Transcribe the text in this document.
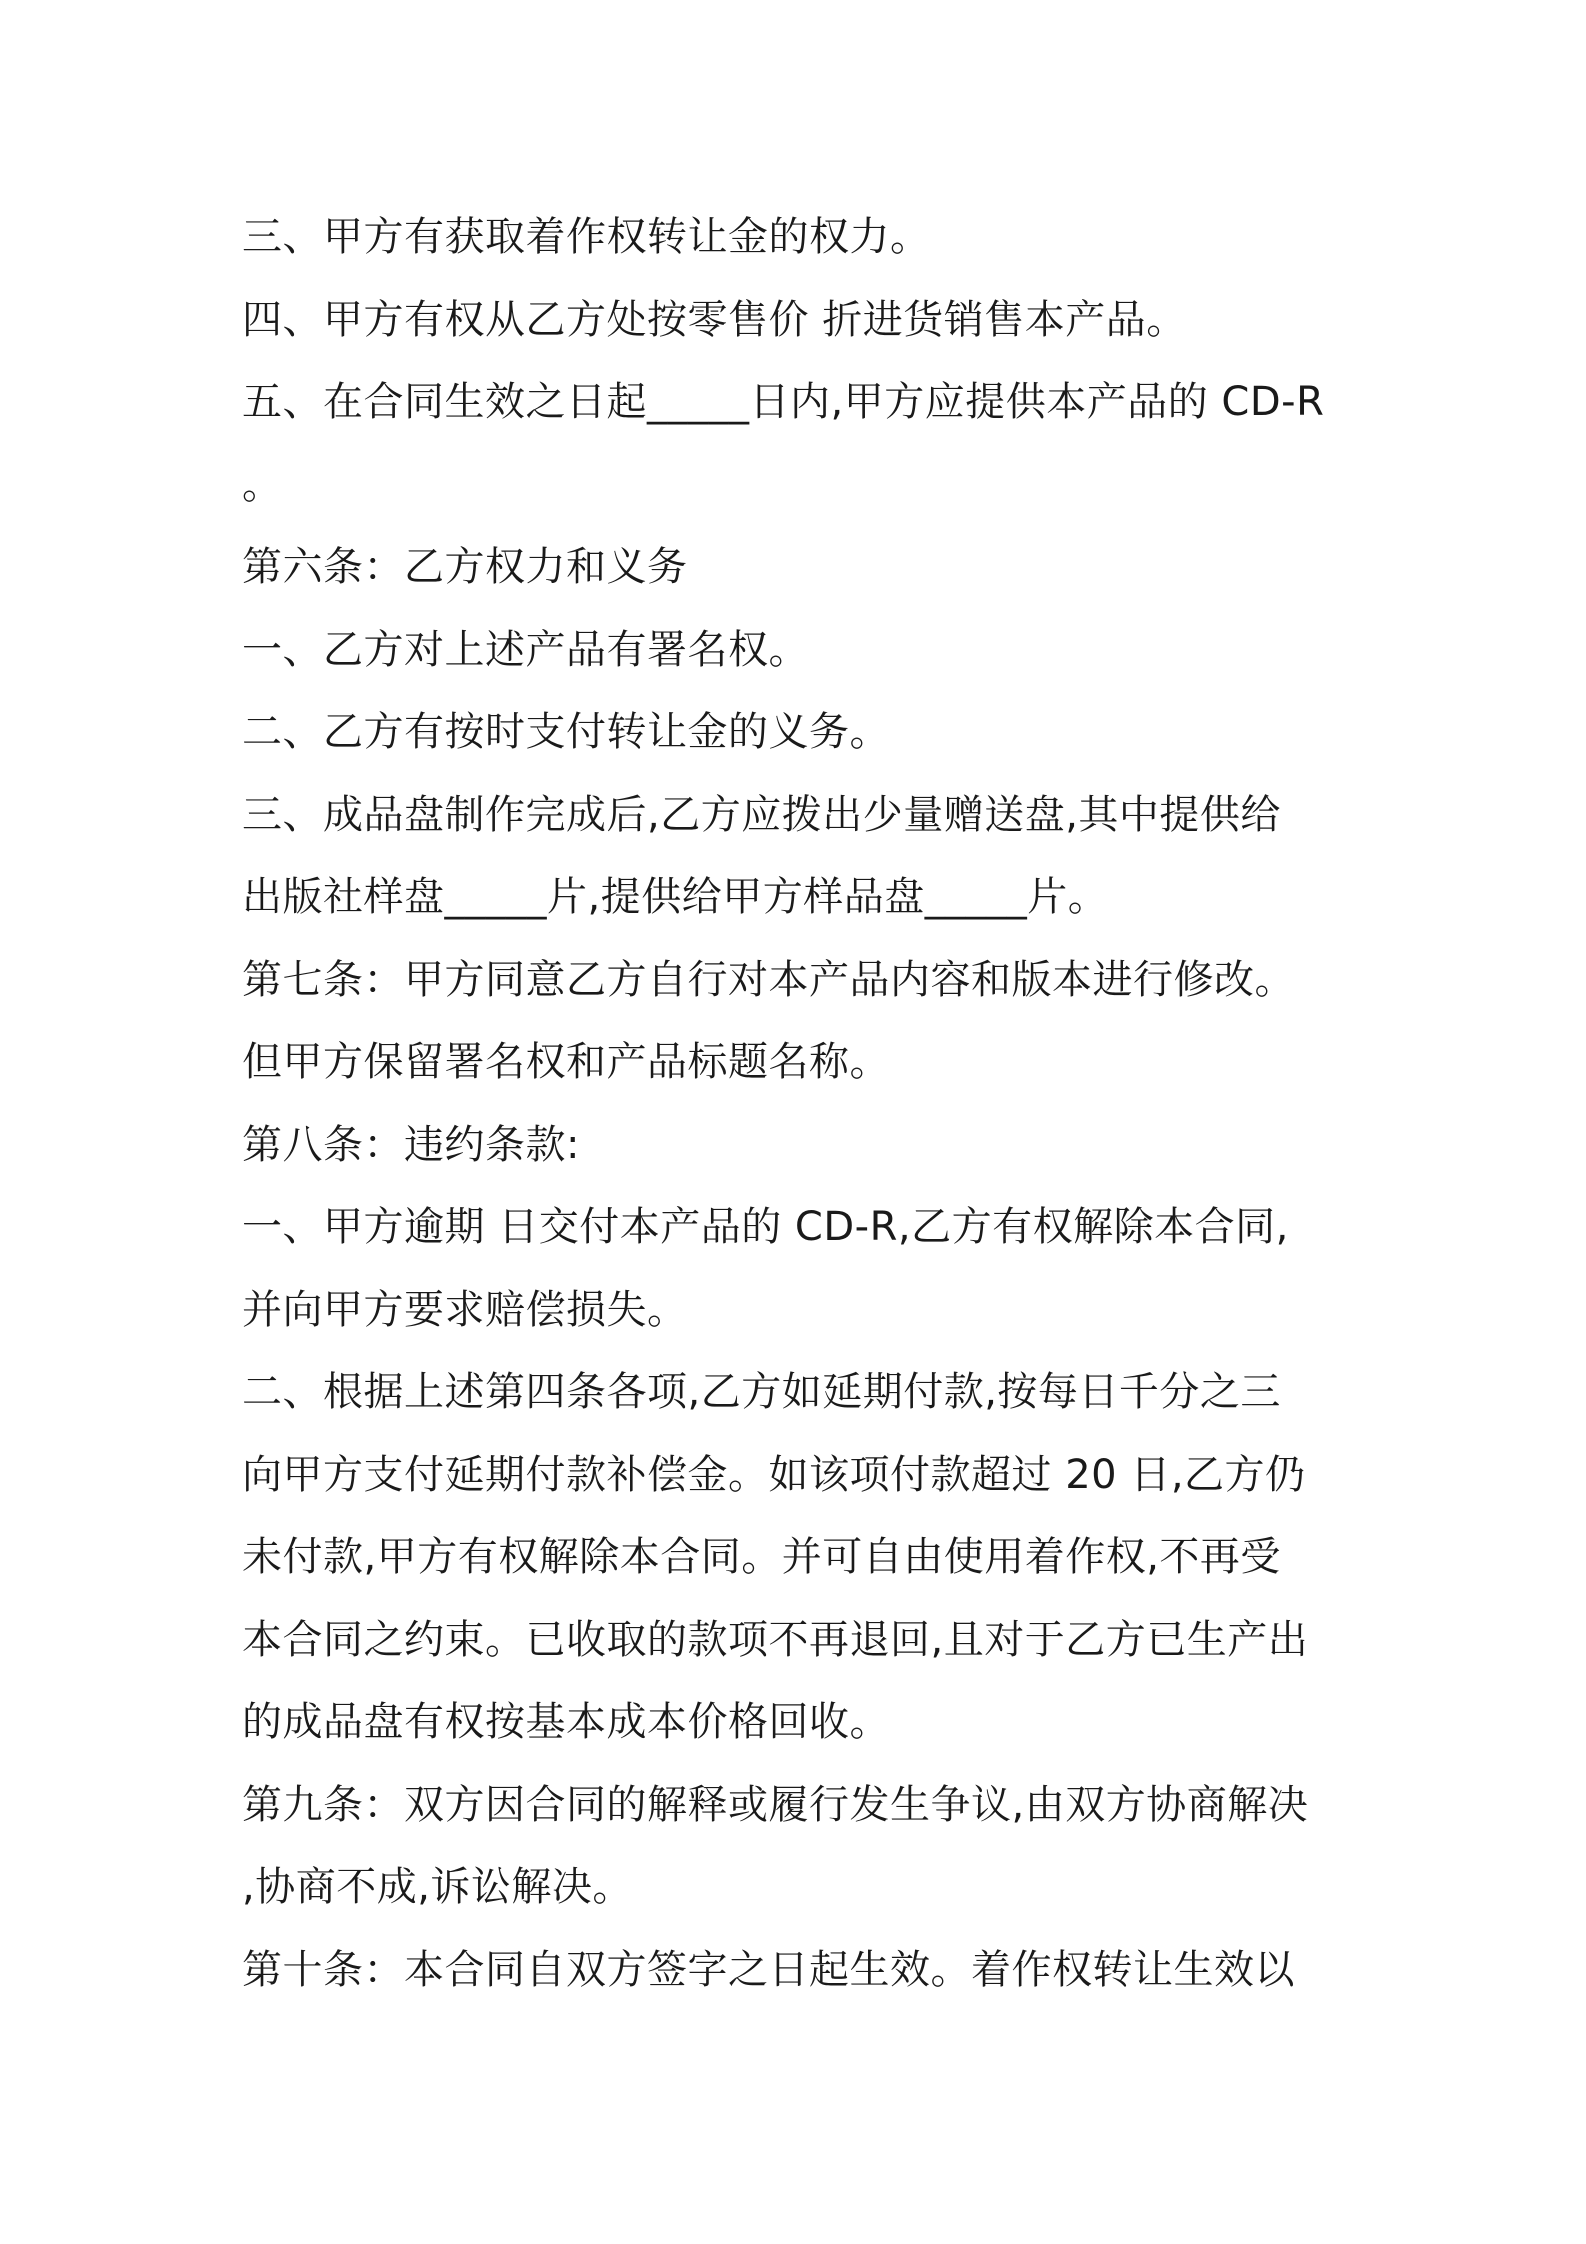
三、甲方有获取着作权转让金的权力。
四、甲方有权从乙方处按零售价 折进货销售本产品。
五、在合同生效之日起_____日内,甲方应提供本产品的 CD-R
。
第六条：乙方权力和义务
一、乙方对上述产品有署名权。
二、乙方有按时支付转让金的义务。
三、成品盘制作完成后,乙方应拨出少量赠送盘,其中提供给
出版社样盘_____片,提供给甲方样品盘_____片。
第七条：甲方同意乙方自行对本产品内容和版本进行修改。
但甲方保留署名权和产品标题名称。
第八条：违约条款:
一、甲方逾期 日交付本产品的 CD-R,乙方有权解除本合同,
并向甲方要求赔偿损失。
二、根据上述第四条各项,乙方如延期付款,按每日千分之三
向甲方支付延期付款补偿金。如该项付款超过 20 日,乙方仍
未付款,甲方有权解除本合同。并可自由使用着作权,不再受
本合同之约束。已收取的款项不再退回,且对于乙方已生产出
的成品盘有权按基本成本价格回收。
第九条：双方因合同的解释或履行发生争议,由双方协商解决
,协商不成,诉讼解决。
第十条：本合同自双方签字之日起生效。着作权转让生效以
